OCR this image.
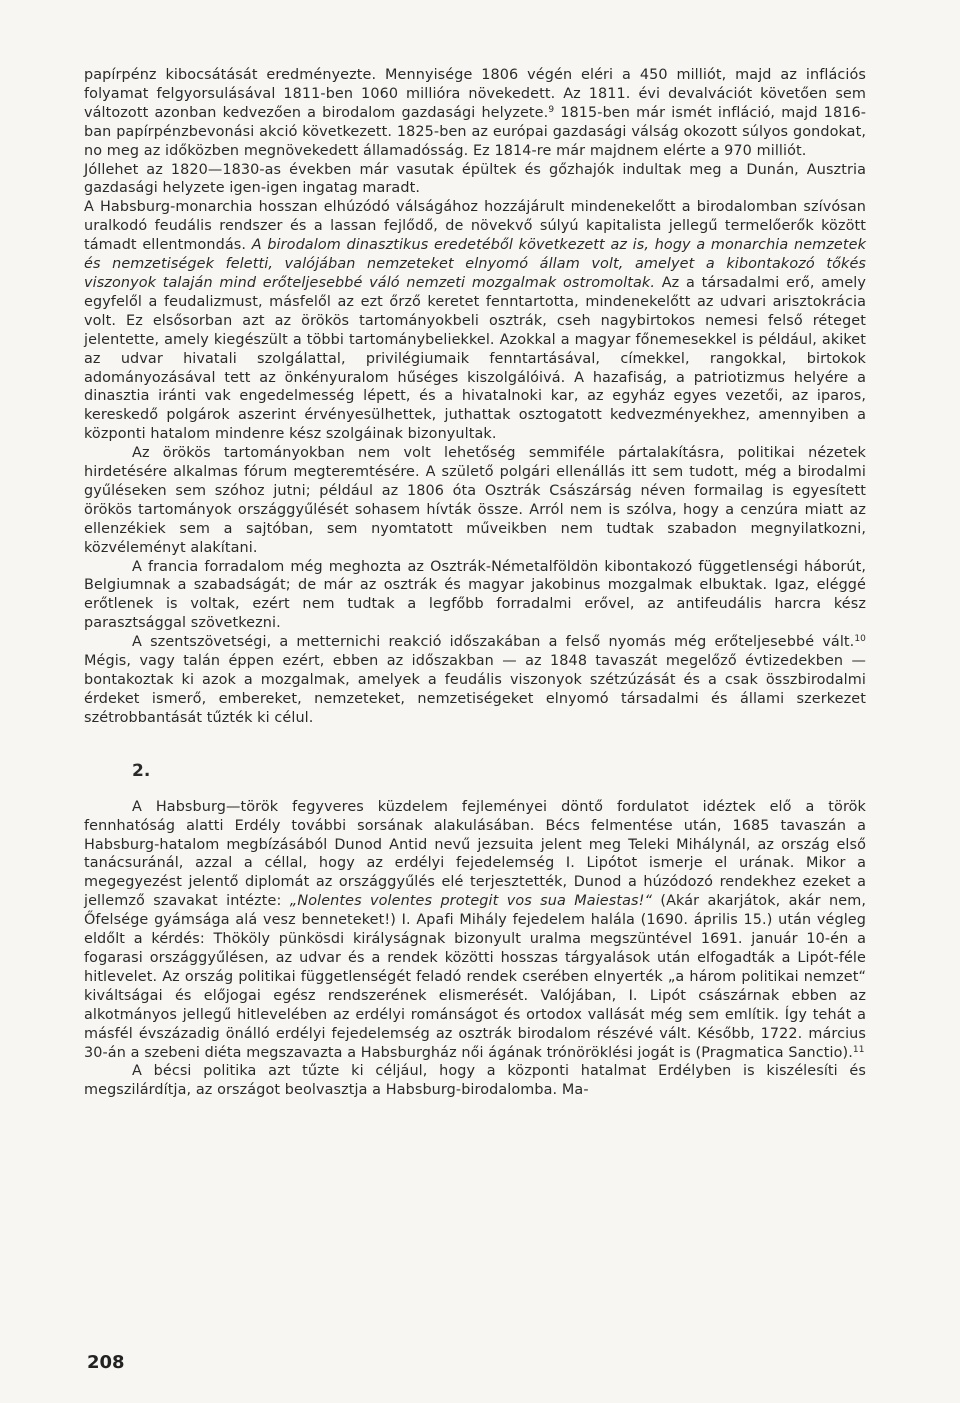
papírpénz kibocsátását eredményezte. Mennyisége 1806 végén eléri a 450 milliót, majd az inflációs folyamat felgyorsulásával 1811-ben 1060 millióra növekedett. Az 1811. évi devalvációt követően sem változott azonban kedvezően a birodalom gazdasági helyzete.$^9$ 1815-ben már ismét infláció, majd 1816-ban papírpénzbevonási akció következett. 1825-ben az európai gazdasági válság okozott súlyos gondokat, no meg az időközben megnövekedett államadósság. Ez 1814-re már majdnem elérte a 970 milliót.

Jóllehet az 1820—1830-as években már vasutak épültek és gőzhajók indultak meg a Dunán, Ausztria gazdasági helyzete igen-igen ingatag maradt.

A Habsburg-monarchia hosszan elhúzódó válságához hozzájárult mindenekelőtt a birodalomban szívósan uralkodó feudális rendszer és a lassan fejlődő, de növekvő súlyú kapitalista jellegű termelőerők között támadt ellentmondás. A birodalom dinasztikus eredetéből következett az is, hogy a monarchia nemzetek és nemzetiségek feletti, valójában nemzeteket elnyomó állam volt, amelyet a kibontakozó tőkés viszonyok talaján mind erőteljesebbé váló nemzeti mozgalmak ostromoltak. Az a társadalmi erő, amely egyfelől a feudalizmust, másfelől az ezt őrző keretet fenntartotta, mindenekelőtt az udvari arisztokrácia volt. Ez elsősorban azt az örökös tartományokbeli osztrák, cseh nagybirtokos nemesi felső réteget jelentette, amely kiegészült a többi tartománybeliekkel. Azokkal a magyar főnemesekkel is például, akiket az udvar hivatali szolgálattal, privilégiumaik fenntartásával, címekkel, rangokkal, birtokok adományozásával tett az önkényuralom hűséges kiszolgálóivá. A hazafiság, a patriotizmus helyére a dinasztia iránti vak engedelmesség lépett, és a hivatalnoki kar, az egyház egyes vezetői, az iparos, kereskedő polgárok aszerint érvényesülhettek, juthattak osztogatott kedvezményekhez, amennyiben a központi hatalom mindenre kész szolgáinak bizonyultak.

Az örökös tartományokban nem volt lehetőség semmiféle pártalakításra, politikai nézetek hirdetésére alkalmas fórum megteremtésére. A születő polgári ellenállás itt sem tudott, még a birodalmi gyűléseken sem szóhoz jutni; például az 1806 óta Osztrák Császárság néven formailag is egyesített örökös tartományok országgyűlését sohasem hívták össze. Arról nem is szólva, hogy a cenzúra miatt az ellenzékiek sem a sajtóban, sem nyomtatott műveikben nem tudtak szabadon megnyilatkozni, közvéleményt alakítani.

A francia forradalom még meghozta az Osztrák-Németalföldön kibontakozó függetlenségi háborút, Belgiumnak a szabadságát; de már az osztrák és magyar jakobinus mozgalmak elbuktak. Igaz, eléggé erőtlenek is voltak, ezért nem tudtak a legfőbb forradalmi erővel, az antifeudális harcra kész parasztsággal szövetkezni.

A szentszövetségi, a metternichi reakció időszakában a felső nyomás még erőteljesebbé vált.$^{10}$ Mégis, vagy talán éppen ezért, ebben az időszakban — az 1848 tavaszát megelőző évtizedekben — bontakoztak ki azok a mozgalmak, amelyek a feudális viszonyok szétzúzását és a csak összbirodalmi érdeket ismerő, embereket, nemzeteket, nemzetiségeket elnyomó társadalmi és állami szerkezet szétrobbantását tűzték ki célul.

2.

A Habsburg—török fegyveres küzdelem fejleményei döntő fordulatot idéztek elő a török fennhatóság alatti Erdély további sorsának alakulásában. Bécs felmentése után, 1685 tavaszán a Habsburg-hatalom megbízásából Dunod Antid nevű jezsuita jelent meg Teleki Mihálynál, az ország első tanácsuránál, azzal a céllal, hogy az erdélyi fejedelemség I. Lipótot ismerje el urának. Mikor a megegyezést jelentő diplomát az országgyűlés elé terjesztették, Dunod a húzódozó rendekhez ezeket a jellemző szavakat intézte: „Nolentes volentes protegit vos sua Maiestas!“ (Akár akarjátok, akár nem, Őfelsége gyámsága alá vesz benneteket!) I. Apafi Mihály fejedelem halála (1690. április 15.) után végleg eldőlt a kérdés: Thököly pünkösdi királyságnak bizonyult uralma megszüntével 1691. január 10-én a fogarasi országgyűlésen, az udvar és a rendek közötti hosszas tárgyalások után elfogadták a Lipót-féle hitlevelet. Az ország politikai függetlenségét feladó rendek cserében elnyerték „a három politikai nemzet“ kiváltságai és előjogai egész rendszerének elismerését. Valójában, I. Lipót császárnak ebben az alkotmányos jellegű hitlevelében az erdélyi románságot és ortodox vallását még sem említik. Így tehát a másfél évszázadig önálló erdélyi fejedelemség az osztrák birodalom részévé vált. Később, 1722. március 30-án a szebeni diéta megszavazta a Habsburgház női ágának trónöröklési jogát is (Pragmatica Sanctio).$^{11}$

A bécsi politika azt tűzte ki céljául, hogy a központi hatalmat Erdélyben is kiszélesíti és megszilárdítja, az országot beolvasztja a Habsburg-birodalomba. Ma-

208
